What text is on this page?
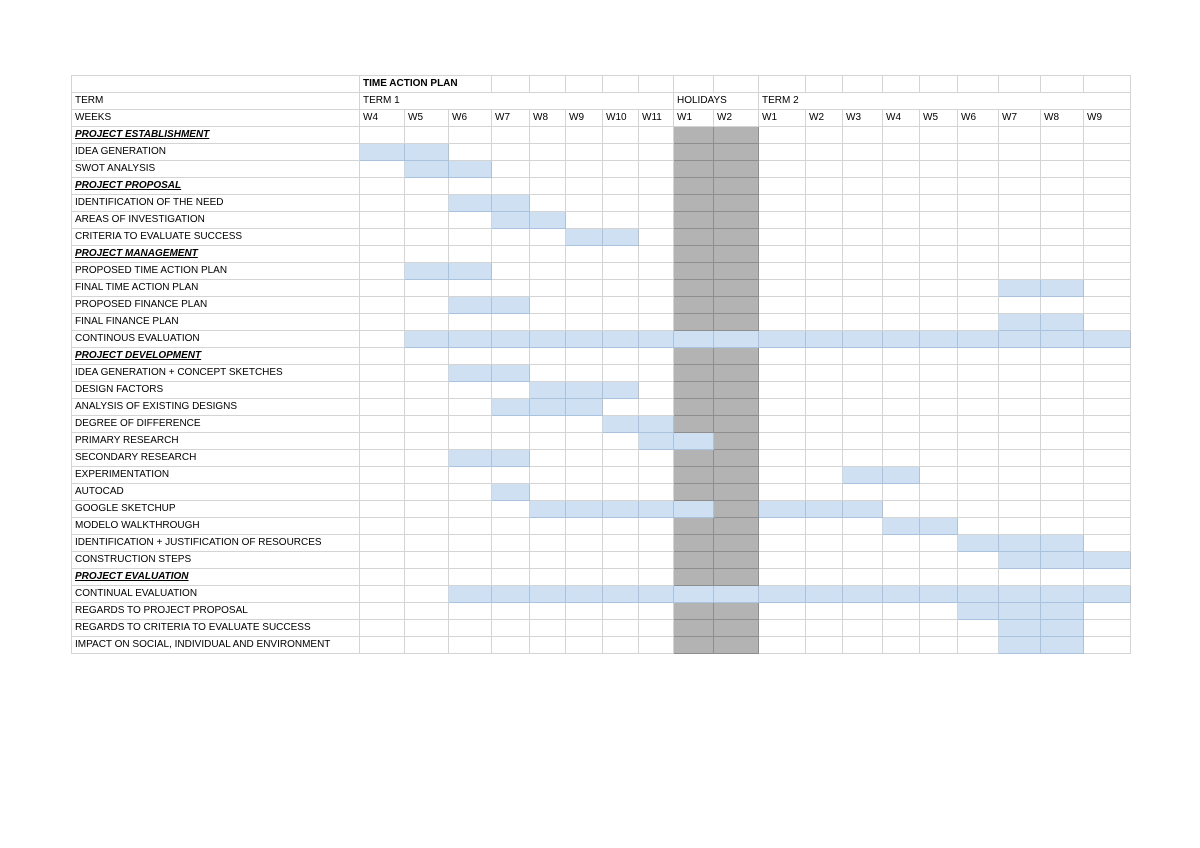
	TIME ACTION PLAN																		
TERM	TERM 1								HOLIDAYS		TERM 2								
WEEKS	W4	W5	W6	W7	W8	W9	W10	W11	W1	W2	W1	W2	W3	W4	W5	W6	W7	W8	W9
PROJECT ESTABLISHMENT																			
IDEA GENERATION																			
SWOT ANALYSIS																			
PROJECT PROPOSAL																			
IDENTIFICATION OF THE NEED																			
AREAS OF INVESTIGATION																			
CRITERIA TO EVALUATE SUCCESS																			
PROJECT MANAGEMENT																			
PROPOSED TIME ACTION PLAN																			
FINAL TIME ACTION PLAN																			
PROPOSED FINANCE PLAN																			
FINAL FINANCE PLAN																			
CONTINOUS EVALUATION																			
PROJECT DEVELOPMENT																			
IDEA GENERATION + CONCEPT SKETCHES																			
DESIGN FACTORS																			
ANALYSIS OF EXISTING DESIGNS																			
DEGREE OF DIFFERENCE																			
PRIMARY RESEARCH																			
SECONDARY RESEARCH																			
EXPERIMENTATION																			
AUTOCAD																			
GOOGLE SKETCHUP																			
MODELO WALKTHROUGH																			
IDENTIFICATION + JUSTIFICATION OF RESOURCES																			
CONSTRUCTION STEPS																			
PROJECT EVALUATION																			
CONTINUAL EVALUATION																			
REGARDS TO PROJECT PROPOSAL																			
REGARDS TO CRITERIA TO EVALUATE SUCCESS																			
IMPACT ON SOCIAL, INDIVIDUAL AND ENVIRONMENT																			
